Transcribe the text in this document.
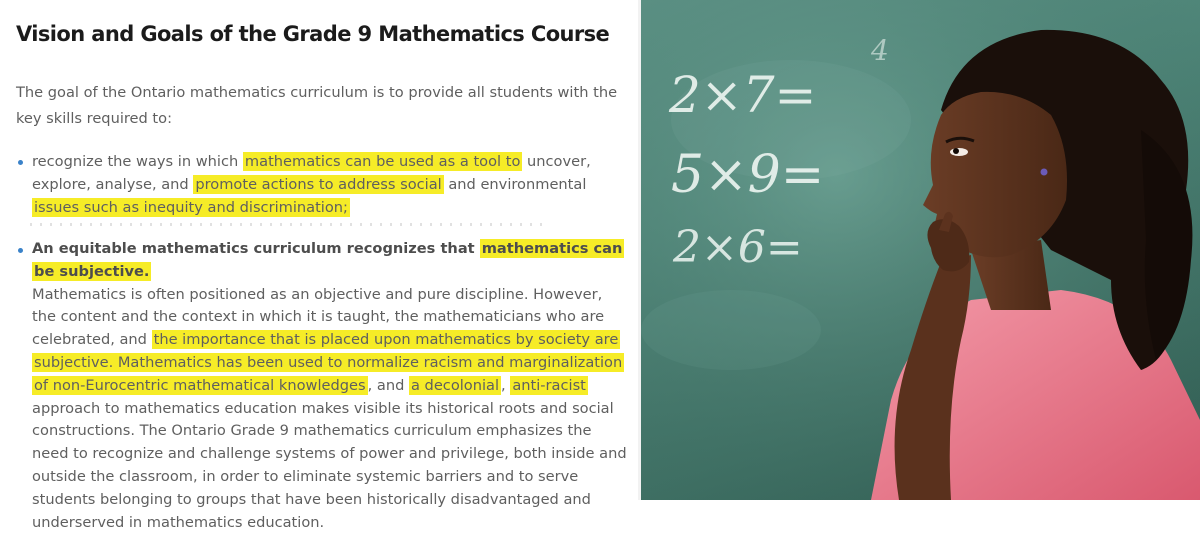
Vision and Goals of the Grade 9 Mathematics Course
The goal of the Ontario mathematics curriculum is to provide all students with the key skills required to:
recognize the ways in which mathematics can be used as a tool to uncover, explore, analyse, and promote actions to address social and environmental issues such as inequity and discrimination;
An equitable mathematics curriculum recognizes that mathematics can be subjective.
Mathematics is often positioned as an objective and pure discipline. However, the content and the context in which it is taught, the mathematicians who are celebrated, and the importance that is placed upon mathematics by society are subjective. Mathematics has been used to normalize racism and marginalization of non-Eurocentric mathematical knowledges , and a decolonial , anti-racist approach to mathematics education makes visible its historical roots and social constructions. The Ontario Grade 9 mathematics curriculum emphasizes the need to recognize and challenge systems of power and privilege, both inside and outside the classroom, in order to eliminate systemic barriers and to serve students belonging to groups that have been historically disadvantaged and underserved in mathematics education.
4
2×7=
5×9=
2×6=
